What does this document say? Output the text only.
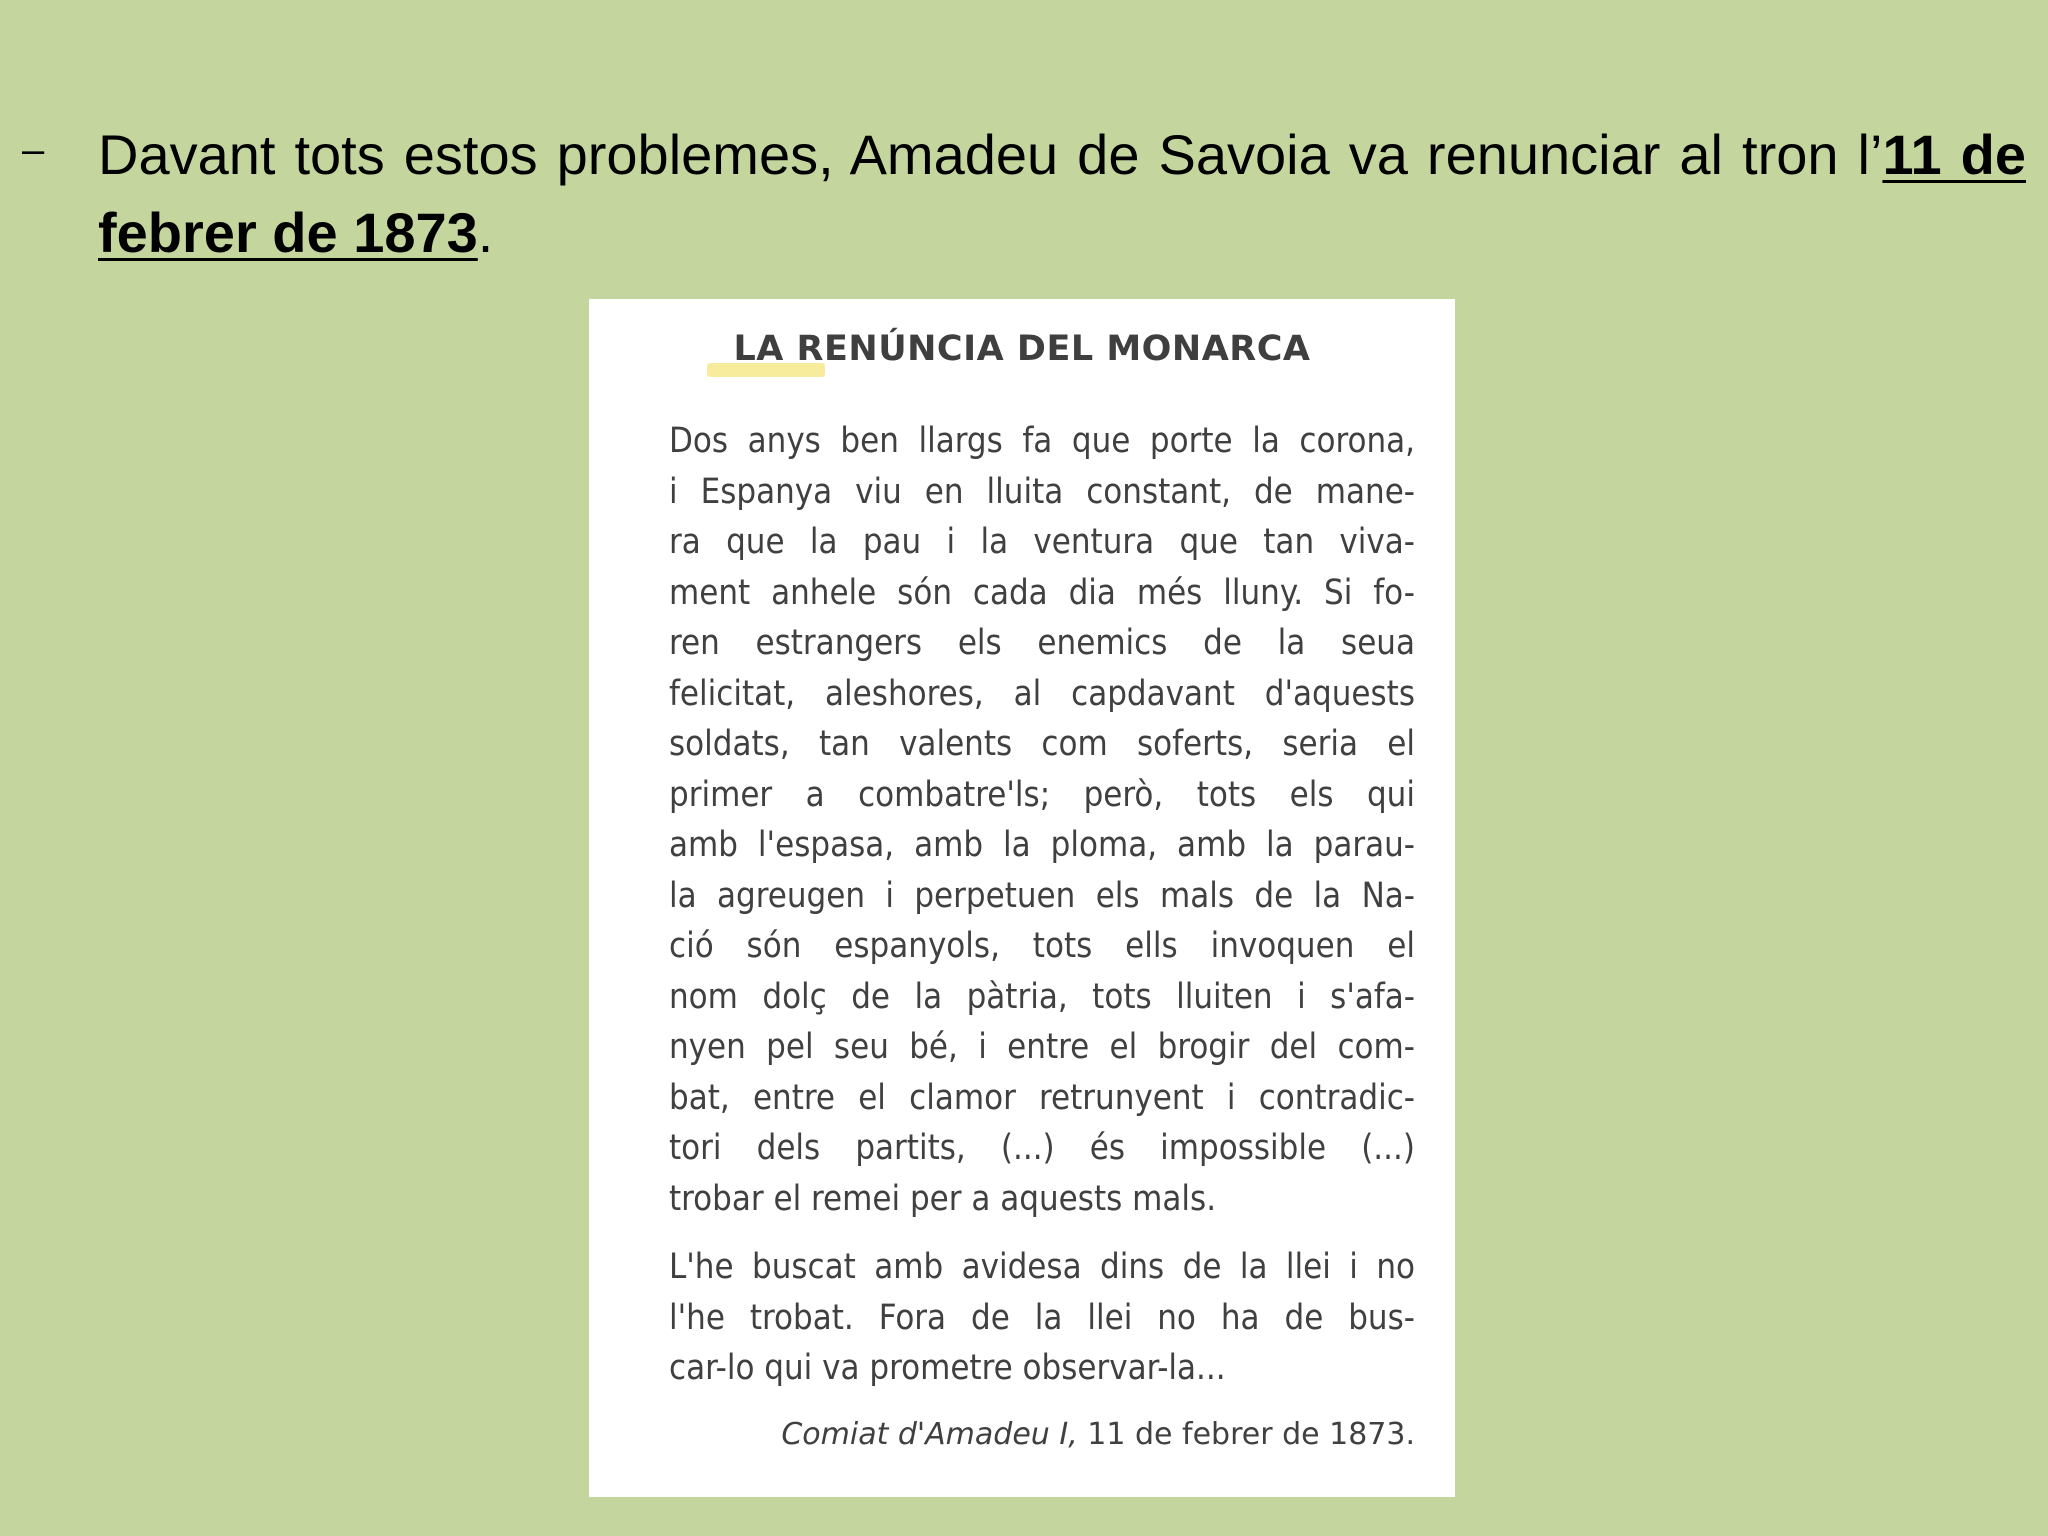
– Davant tots estos problemes, Amadeu de Savoia va renunciar al tron l’11 de febrer de 1873.
LA RENÚNCIA DEL MONARCA
Dos anys ben llargs fa que porte la corona,
i Espanya viu en lluita constant, de mane-
ra que la pau i la ventura que tan viva-
ment anhele són cada dia més lluny. Si fo-
ren estrangers els enemics de la seua
felicitat, aleshores, al capdavant d'aquests
soldats, tan valents com soferts, seria el
primer a combatre'ls; però, tots els qui
amb l'espasa, amb la ploma, amb la parau-
la agreugen i perpetuen els mals de la Na-
ció són espanyols, tots ells invoquen el
nom dolç de la pàtria, tots lluiten i s'afa-
nyen pel seu bé, i entre el brogir del com-
bat, entre el clamor retrunyent i contradic-
tori dels partits, (...) és impossible (...)
trobar el remei per a aquests mals.
L'he buscat amb avidesa dins de la llei i no
l'he trobat. Fora de la llei no ha de bus-
car-lo qui va prometre observar-la...
Comiat d'Amadeu I, 11 de febrer de 1873.
